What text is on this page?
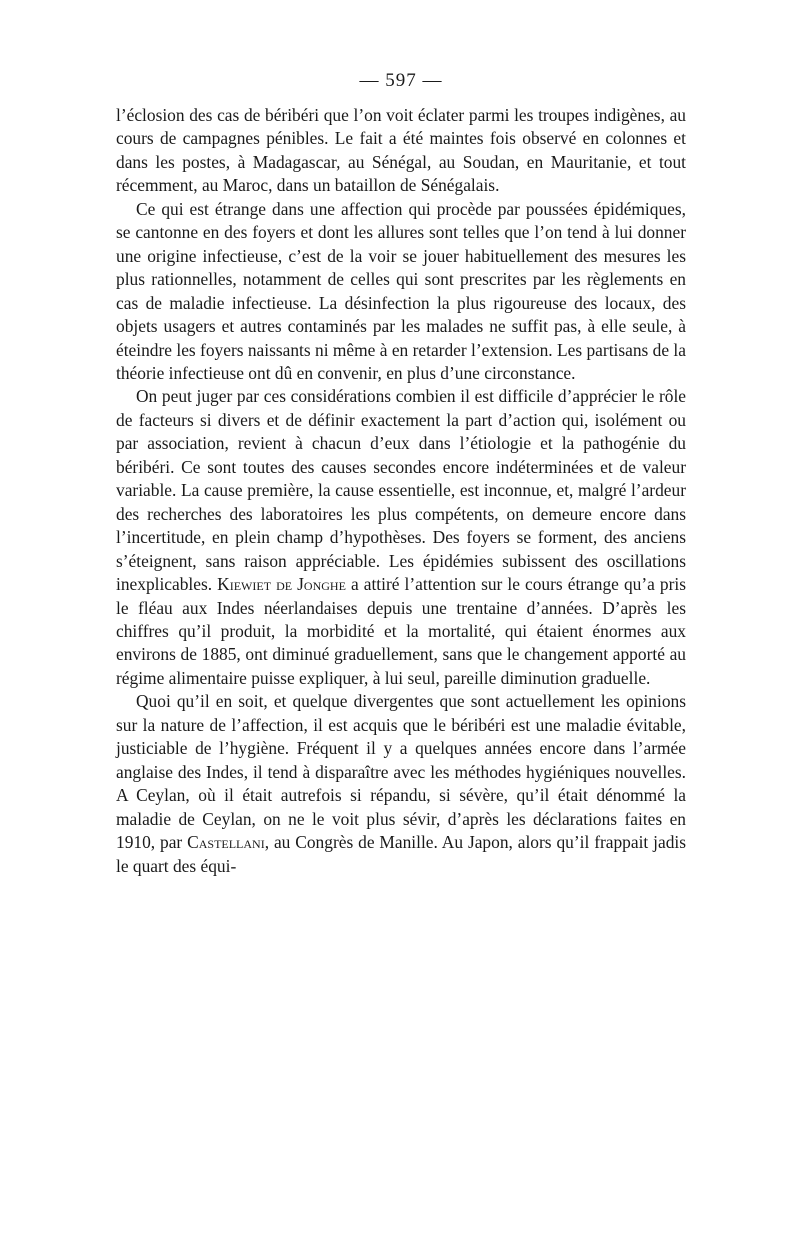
— 597 —

l’éclosion des cas de béribéri que l’on voit éclater parmi les troupes indigènes, au cours de campagnes pénibles. Le fait a été maintes fois observé en colonnes et dans les postes, à Madagascar, au Sénégal, au Soudan, en Mauritanie, et tout récemment, au Maroc, dans un bataillon de Sénégalais.

Ce qui est étrange dans une affection qui procède par poussées épidémiques, se cantonne en des foyers et dont les allures sont telles que l’on tend à lui donner une origine infectieuse, c’est de la voir se jouer habituellement des mesures les plus rationnelles, notamment de celles qui sont prescrites par les règlements en cas de maladie infectieuse. La désinfection la plus rigoureuse des locaux, des objets usagers et autres contaminés par les malades ne suffit pas, à elle seule, à éteindre les foyers naissants ni même à en retarder l’extension. Les partisans de la théorie infectieuse ont dû en convenir, en plus d’une circonstance.

On peut juger par ces considérations combien il est difficile d’apprécier le rôle de facteurs si divers et de définir exactement la part d’action qui, isolément ou par association, revient à chacun d’eux dans l’étiologie et la pathogénie du béribéri. Ce sont toutes des causes secondes encore indéterminées et de valeur variable. La cause première, la cause essentielle, est inconnue, et, malgré l’ardeur des recherches des laboratoires les plus compétents, on demeure encore dans l’incertitude, en plein champ d’hypothèses. Des foyers se forment, des anciens s’éteignent, sans raison appréciable. Les épidémies subissent des oscillations inexplicables. Kiewiet de Jonghe a attiré l’attention sur le cours étrange qu’a pris le fléau aux Indes néerlandaises depuis une trentaine d’années. D’après les chiffres qu’il produit, la morbidité et la mortalité, qui étaient énormes aux environs de 1885, ont diminué graduellement, sans que le changement apporté au régime alimentaire puisse expliquer, à lui seul, pareille diminution graduelle.

Quoi qu’il en soit, et quelque divergentes que sont actuellement les opinions sur la nature de l’affection, il est acquis que le béribéri est une maladie évitable, justiciable de l’hygiène. Fréquent il y a quelques années encore dans l’armée anglaise des Indes, il tend à disparaître avec les méthodes hygiéniques nouvelles. A Ceylan, où il était autrefois si répandu, si sévère, qu’il était dénommé la maladie de Ceylan, on ne le voit plus sévir, d’après les déclarations faites en 1910, par Castellani, au Congrès de Manille. Au Japon, alors qu’il frappait jadis le quart des équi-
